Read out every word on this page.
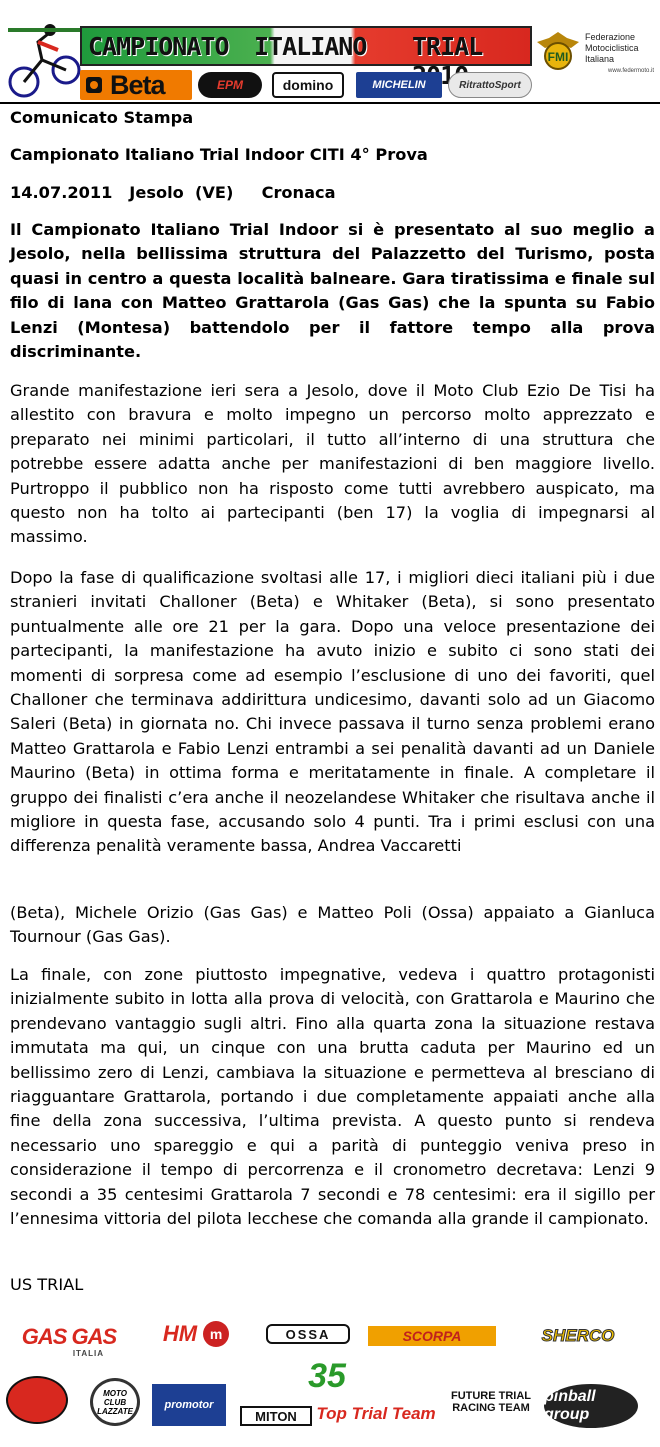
CAMPIONATO ITALIANO TRIAL	FMI
Federazione
Motociclistica
Italiana
www.federmoto.it
Beta	EPM	domino	MICHELIN	RitrattoSport

Comunicato Stampa

Campionato Italiano Trial Indoor CITI 4° Prova

14.07.2011   Jesolo  (VE)     Cronaca

Il Campionato Italiano Trial Indoor si è presentato al suo meglio a Jesolo, nella bellissima struttura del Palazzetto del Turismo, posta quasi in centro a questa località balneare. Gara tiratissima e finale sul filo di lana con Matteo Grattarola (Gas Gas) che la spunta su Fabio Lenzi (Montesa) battendolo per il fattore tempo alla prova discriminante.

Grande manifestazione ieri sera a Jesolo, dove il Moto Club Ezio De Tisi ha allestito con bravura e molto impegno un percorso molto apprezzato e preparato nei minimi particolari, il tutto all’interno di una struttura che potrebbe essere adatta anche per manifestazioni di ben maggiore livello. Purtroppo il pubblico non ha risposto come tutti avrebbero auspicato, ma questo non ha tolto ai partecipanti (ben 17) la voglia di impegnarsi al massimo.

Dopo la fase di qualificazione svoltasi alle 17, i migliori dieci italiani più i due stranieri invitati Challoner (Beta) e Whitaker (Beta), si sono presentato puntualmente alle ore 21 per la gara. Dopo una veloce presentazione dei partecipanti, la manifestazione ha avuto inizio e subito ci sono stati dei momenti di sorpresa come ad esempio l’esclusione di uno dei favoriti, quel Challoner che terminava addirittura undicesimo, davanti solo ad un Giacomo Saleri (Beta) in giornata no. Chi invece passava il turno senza problemi erano Matteo Grattarola e Fabio Lenzi entrambi a sei penalità davanti ad un Daniele Maurino (Beta) in ottima forma e meritatamente in finale. A completare il gruppo dei finalisti c’era anche il neozelandese Whitaker che risultava anche il migliore in questa fase, accusando solo 4 punti. Tra i primi esclusi con una differenza penalità veramente bassa, Andrea Vaccaretti

(Beta), Michele Orizio (Gas Gas) e Matteo Poli (Ossa) appaiato a Gianluca Tournour (Gas Gas).

La finale, con zone piuttosto impegnative, vedeva i quattro protagonisti inizialmente subito in lotta alla prova di velocità, con Grattarola e Maurino che prendevano vantaggio sugli altri. Fino alla quarta zona la situazione restava immutata ma qui, un cinque con una brutta caduta per Maurino ed un bellissimo zero di Lenzi, cambiava la situazione e permetteva al bresciano di riagguantare Grattarola, portando i due completamente appaiati anche alla fine della zona successiva, l’ultima prevista. A questo punto si rendeva necessario uno spareggio e qui a parità di punteggio veniva preso in considerazione il tempo di percorrenza e il cronometro decretava: Lenzi 9 secondi a 35 centesimi Grattarola 7 secondi e 78 centesimi: era il sigillo per l’ennesima vittoria del pilota lecchese che comanda alla grande il campionato.

US TRIAL

GAS GAS
ITALIA
HM m	OSSA	SCORPA	SHERCO
35
MOTO CLUB
LAZZATE	promotor
MITON	Top Trial Team
FUTURE TRIAL
RACING TEAM
pinball group
